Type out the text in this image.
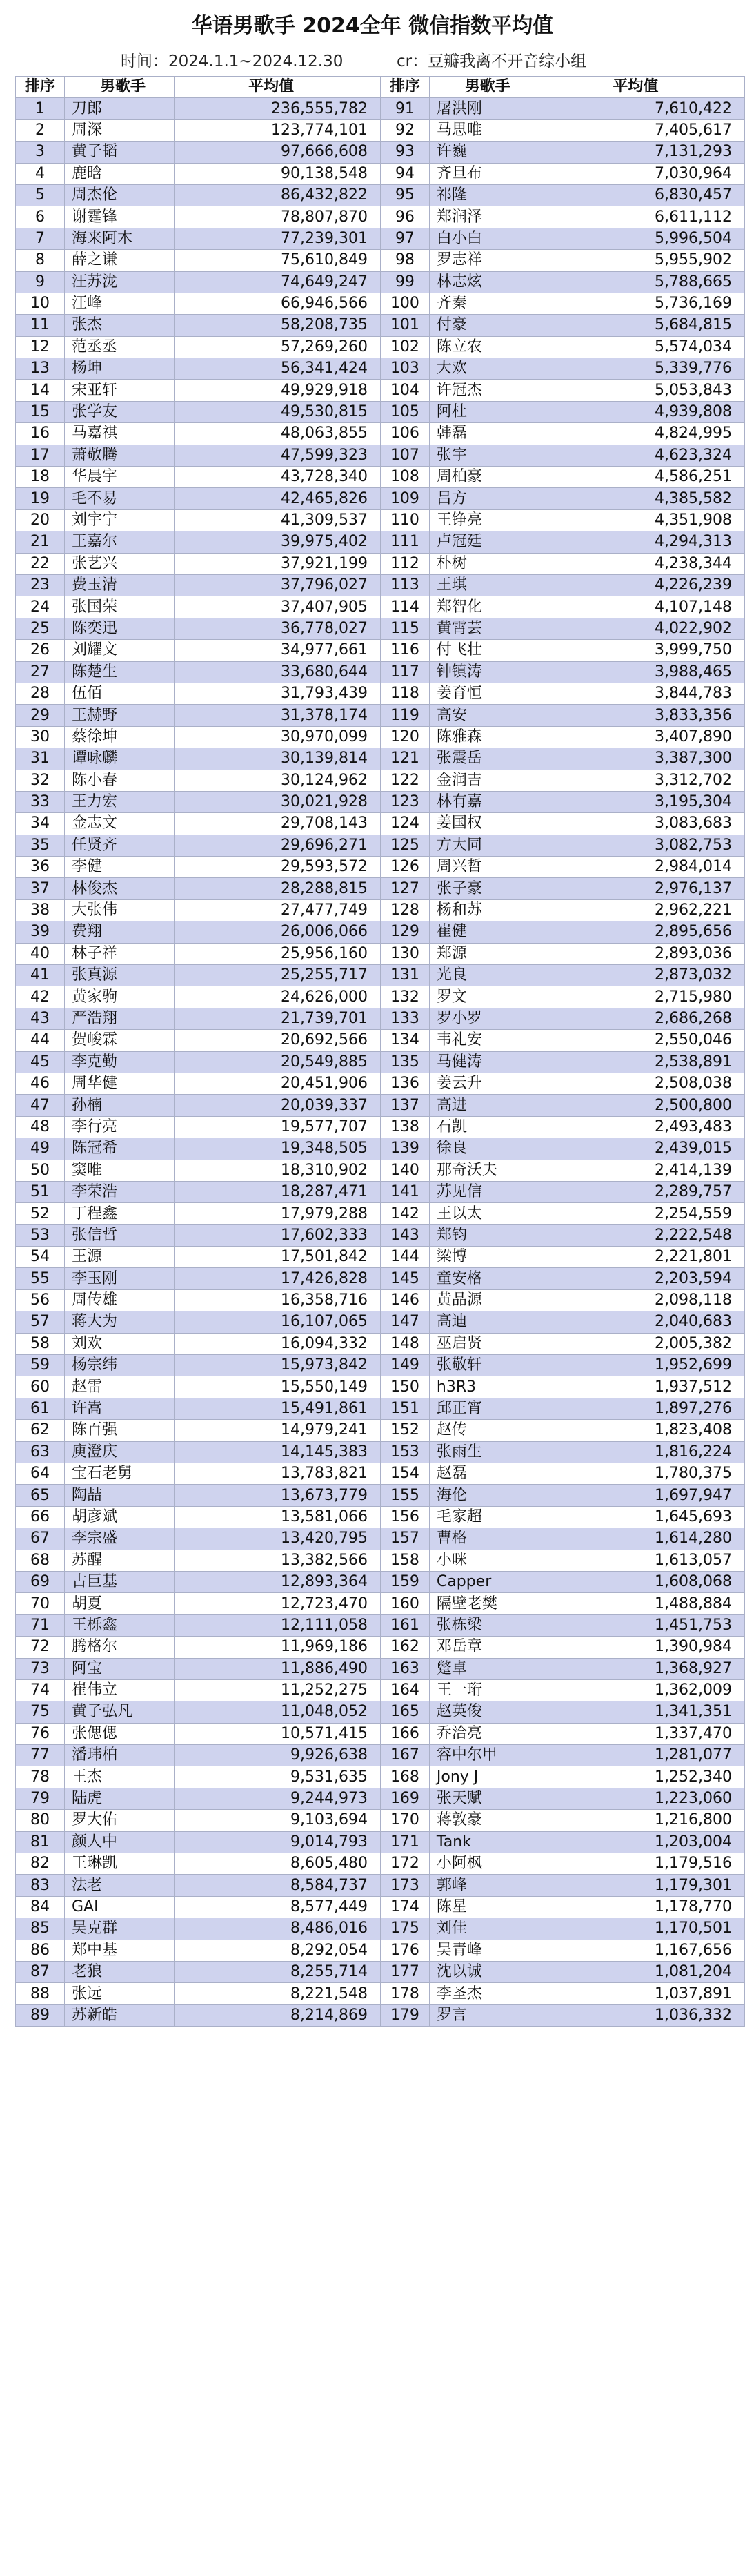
华语男歌手 2024全年 微信指数平均值
时间：2024.1.1~2024.12.30	cr：豆瓣我离不开音综小组
排序	男歌手	平均值
1	刀郎	236,555,782
2	周深	123,774,101
3	黄子韬	97,666,608
4	鹿晗	90,138,548
5	周杰伦	86,432,822
6	谢霆锋	78,807,870
7	海来阿木	77,239,301
8	薛之谦	75,610,849
9	汪苏泷	74,649,247
10	汪峰	66,946,566
11	张杰	58,208,735
12	范丞丞	57,269,260
13	杨坤	56,341,424
14	宋亚轩	49,929,918
15	张学友	49,530,815
16	马嘉祺	48,063,855
17	萧敬腾	47,599,323
18	华晨宇	43,728,340
19	毛不易	42,465,826
20	刘宇宁	41,309,537
21	王嘉尔	39,975,402
22	张艺兴	37,921,199
23	费玉清	37,796,027
24	张国荣	37,407,905
25	陈奕迅	36,778,027
26	刘耀文	34,977,661
27	陈楚生	33,680,644
28	伍佰	31,793,439
29	王赫野	31,378,174
30	蔡徐坤	30,970,099
31	谭咏麟	30,139,814
32	陈小春	30,124,962
33	王力宏	30,021,928
34	金志文	29,708,143
35	任贤齐	29,696,271
36	李健	29,593,572
37	林俊杰	28,288,815
38	大张伟	27,477,749
39	费翔	26,006,066
40	林子祥	25,956,160
41	张真源	25,255,717
42	黄家驹	24,626,000
43	严浩翔	21,739,701
44	贺峻霖	20,692,566
45	李克勤	20,549,885
46	周华健	20,451,906
47	孙楠	20,039,337
48	李行亮	19,577,707
49	陈冠希	19,348,505
50	窦唯	18,310,902
51	李荣浩	18,287,471
52	丁程鑫	17,979,288
53	张信哲	17,602,333
54	王源	17,501,842
55	李玉刚	17,426,828
56	周传雄	16,358,716
57	蒋大为	16,107,065
58	刘欢	16,094,332
59	杨宗纬	15,973,842
60	赵雷	15,550,149
61	许嵩	15,491,861
62	陈百强	14,979,241
63	庾澄庆	14,145,383
64	宝石老舅	13,783,821
65	陶喆	13,673,779
66	胡彦斌	13,581,066
67	李宗盛	13,420,795
68	苏醒	13,382,566
69	古巨基	12,893,364
70	胡夏	12,723,470
71	王栎鑫	12,111,058
72	腾格尔	11,969,186
73	阿宝	11,886,490
74	崔伟立	11,252,275
75	黄子弘凡	11,048,052
76	张偲偲	10,571,415
77	潘玮柏	9,926,638
78	王杰	9,531,635
79	陆虎	9,244,973
80	罗大佑	9,103,694
81	颜人中	9,014,793
82	王琳凯	8,605,480
83	法老	8,584,737
84	GAI	8,577,449
85	吴克群	8,486,016
86	郑中基	8,292,054
87	老狼	8,255,714
88	张远	8,221,548
89	苏新皓	8,214,869
排序	男歌手	平均值
91	屠洪刚	7,610,422
92	马思唯	7,405,617
93	许巍	7,131,293
94	齐旦布	7,030,964
95	祁隆	6,830,457
96	郑润泽	6,611,112
97	白小白	5,996,504
98	罗志祥	5,955,902
99	林志炫	5,788,665
100	齐秦	5,736,169
101	付豪	5,684,815
102	陈立农	5,574,034
103	大欢	5,339,776
104	许冠杰	5,053,843
105	阿杜	4,939,808
106	韩磊	4,824,995
107	张宇	4,623,324
108	周柏豪	4,586,251
109	吕方	4,385,582
110	王铮亮	4,351,908
111	卢冠廷	4,294,313
112	朴树	4,238,344
113	王琪	4,226,239
114	郑智化	4,107,148
115	黄霄芸	4,022,902
116	付飞壮	3,999,750
117	钟镇涛	3,988,465
118	姜育恒	3,844,783
119	高安	3,833,356
120	陈雅森	3,407,890
121	张震岳	3,387,300
122	金润吉	3,312,702
123	林有嘉	3,195,304
124	姜国权	3,083,683
125	方大同	3,082,753
126	周兴哲	2,984,014
127	张子豪	2,976,137
128	杨和苏	2,962,221
129	崔健	2,895,656
130	郑源	2,893,036
131	光良	2,873,032
132	罗文	2,715,980
133	罗小罗	2,686,268
134	韦礼安	2,550,046
135	马健涛	2,538,891
136	姜云升	2,508,038
137	高进	2,500,800
138	石凯	2,493,483
139	徐良	2,439,015
140	那奇沃夫	2,414,139
141	苏见信	2,289,757
142	王以太	2,254,559
143	郑钧	2,222,548
144	梁博	2,221,801
145	童安格	2,203,594
146	黄品源	2,098,118
147	高迪	2,040,683
148	巫启贤	2,005,382
149	张敬轩	1,952,699
150	h3R3	1,937,512
151	邱正宵	1,897,276
152	赵传	1,823,408
153	张雨生	1,816,224
154	赵磊	1,780,375
155	海伦	1,697,947
156	毛家超	1,645,693
157	曹格	1,614,280
158	小咪	1,613,057
159	Capper	1,608,068
160	隔壁老樊	1,488,884
161	张栋梁	1,451,753
162	邓岳章	1,390,984
163	蹩卓	1,368,927
164	王一珩	1,362,009
165	赵英俊	1,341,351
166	乔洽亮	1,337,470
167	容中尔甲	1,281,077
168	Jony J	1,252,340
169	张天赋	1,223,060
170	蒋敦豪	1,216,800
171	Tank	1,203,004
172	小阿枫	1,179,516
173	郭峰	1,179,301
174	陈星	1,178,770
175	刘佳	1,170,501
176	吴青峰	1,167,656
177	沈以诚	1,081,204
178	李圣杰	1,037,891
179	罗言	1,036,332
